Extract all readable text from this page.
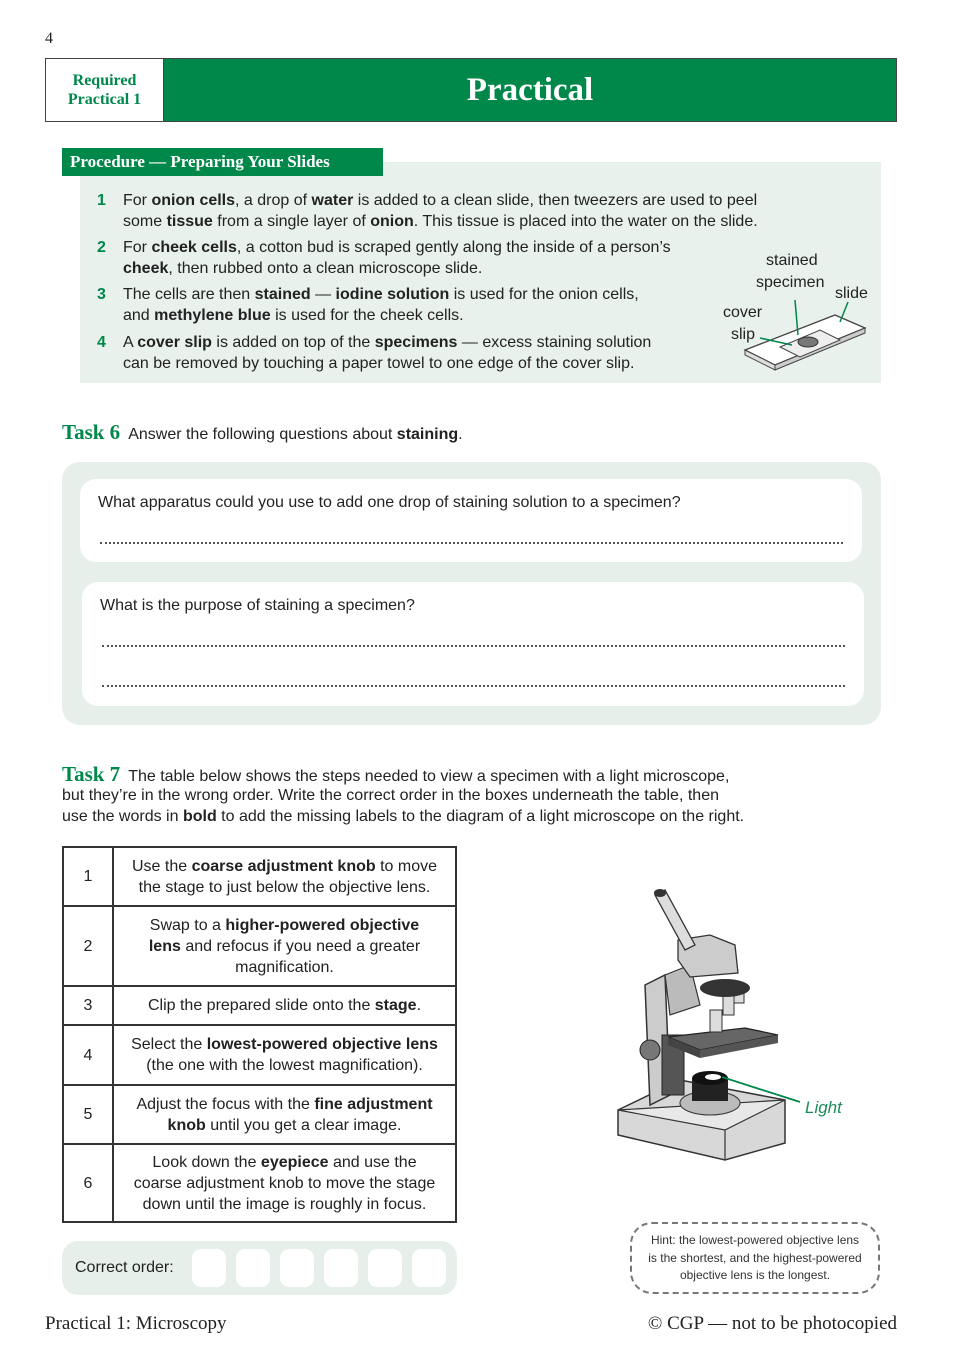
4
Required
Practical 1	Practical
Procedure — Preparing Your Slides
1 For onion cells, a drop of water is added to a clean slide, then tweezers are used to peel
some tissue from a single layer of onion. This tissue is placed into the water on the slide.
2 For cheek cells, a cotton bud is scraped gently along the inside of a person’s
cheek, then rubbed onto a clean microscope slide.
3 The cells are then stained — iodine solution is used for the onion cells,
and methylene blue is used for the cheek cells.
4 A cover slip is added on top of the specimens — excess staining solution
can be removed by touching a paper towel to one edge of the cover slip.
stained
specimen
slide
cover
slip
Task 6 Answer the following questions about staining.
What apparatus could you use to add one drop of staining solution to a specimen?
What is the purpose of staining a specimen?
Task 7 The table below shows the steps needed to view a specimen with a light microscope,
but they’re in the wrong order. Write the correct order in the boxes underneath the table, then
use the words in bold to add the missing labels to the diagram of a light microscope on the right.
1	Use the coarse adjustment knob to move
the stage to just below the objective lens.

2	Swap to a higher-powered objective
lens and refocus if you need a greater
magnification.

3	Clip the prepared slide onto the stage.

4	Select the lowest-powered objective lens
(the one with the lowest magnification).

5	Adjust the focus with the fine adjustment
knob until you get a clear image.

6	Look down the eyepiece and use the
coarse adjustment knob to move the stage
down until the image is roughly in focus.
Correct order:
Light
Hint: the lowest-powered objective lens
is the shortest, and the highest-powered
objective lens is the longest.
Practical 1: Microscopy	© CGP — not to be photocopied
